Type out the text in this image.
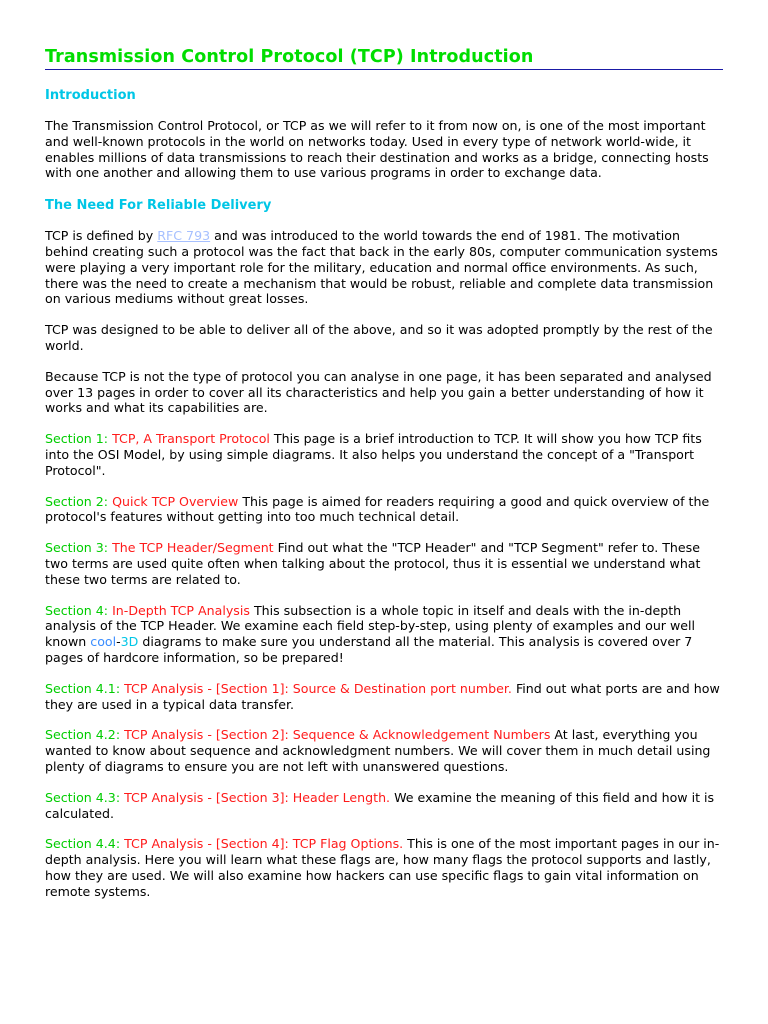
Transmission Control Protocol (TCP) Introduction
Introduction

The Transmission Control Protocol, or TCP as we will refer to it from now on, is one of the most important and well-known protocols in the world on networks today. Used in every type of network world-wide, it enables millions of data transmissions to reach their destination and works as a bridge, connecting hosts with one another and allowing them to use various programs in order to exchange data.

The Need For Reliable Delivery

TCP is defined by RFC 793 and was introduced to the world towards the end of 1981. The motivation behind creating such a protocol was the fact that back in the early 80s, computer communication systems were playing a very important role for the military, education and normal office environments. As such, there was the need to create a mechanism that would be robust, reliable and complete data transmission on various mediums without great losses.

TCP was designed to be able to deliver all of the above, and so it was adopted promptly by the rest of the world.

Because TCP is not the type of protocol you can analyse in one page, it has been separated and analysed over 13 pages in order to cover all its characteristics and help you gain a better understanding of how it works and what its capabilities are.

Section 1: TCP, A Transport Protocol This page is a brief introduction to TCP. It will show you how TCP fits into the OSI Model, by using simple diagrams. It also helps you understand the concept of a "Transport Protocol".

Section 2: Quick TCP Overview This page is aimed for readers requiring a good and quick overview of the protocol's features without getting into too much technical detail.

Section 3: The TCP Header/Segment Find out what the "TCP Header" and "TCP Segment" refer to. These two terms are used quite often when talking about the protocol, thus it is essential we understand what these two terms are related to.

Section 4: In-Depth TCP Analysis This subsection is a whole topic in itself and deals with the in-depth analysis of the TCP Header. We examine each field step-by-step, using plenty of examples and our well known cool-3D diagrams to make sure you understand all the material. This analysis is covered over 7 pages of hardcore information, so be prepared!

Section 4.1: TCP Analysis - [Section 1]: Source & Destination port number. Find out what ports are and how they are used in a typical data transfer.

Section 4.2: TCP Analysis - [Section 2]: Sequence & Acknowledgement Numbers At last, everything you wanted to know about sequence and acknowledgment numbers. We will cover them in much detail using plenty of diagrams to ensure you are not left with unanswered questions.

Section 4.3: TCP Analysis - [Section 3]: Header Length. We examine the meaning of this field and how it is calculated.

Section 4.4: TCP Analysis - [Section 4]: TCP Flag Options. This is one of the most important pages in our in-depth analysis. Here you will learn what these flags are, how many flags the protocol supports and lastly, how they are used. We will also examine how hackers can use specific flags to gain vital information on remote systems.
